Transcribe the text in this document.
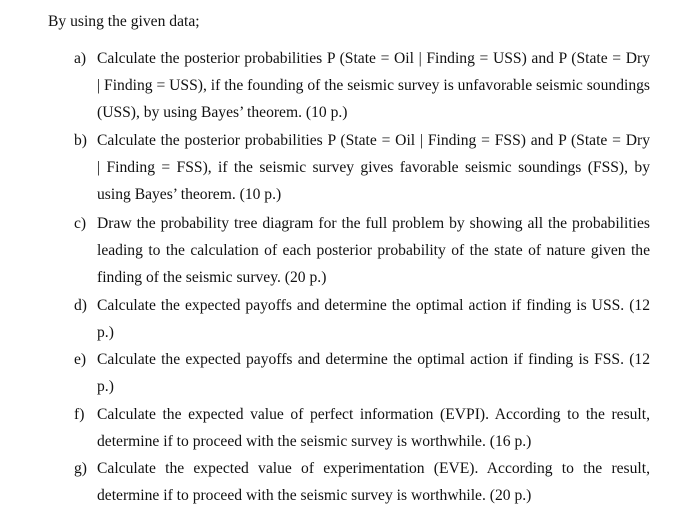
By using the given data;
a) Calculate the posterior probabilities P (State = Oil | Finding = USS) and P (State = Dry
| Finding = USS), if the founding of the seismic survey is unfavorable seismic soundings
(USS), by using Bayes’ theorem. (10 p.)
b) Calculate the posterior probabilities P (State = Oil | Finding = FSS) and P (State = Dry
| Finding = FSS), if the seismic survey gives favorable seismic soundings (FSS), by
using Bayes’ theorem. (10 p.)
c) Draw the probability tree diagram for the full problem by showing all the probabilities
leading to the calculation of each posterior probability of the state of nature given the
finding of the seismic survey. (20 p.)
d) Calculate the expected payoffs and determine the optimal action if finding is USS. (12
p.)
e) Calculate the expected payoffs and determine the optimal action if finding is FSS. (12
p.)
f) Calculate the expected value of perfect information (EVPI). According to the result,
determine if to proceed with the seismic survey is worthwhile. (16 p.)
g) Calculate the expected value of experimentation (EVE). According to the result,
determine if to proceed with the seismic survey is worthwhile. (20 p.)
